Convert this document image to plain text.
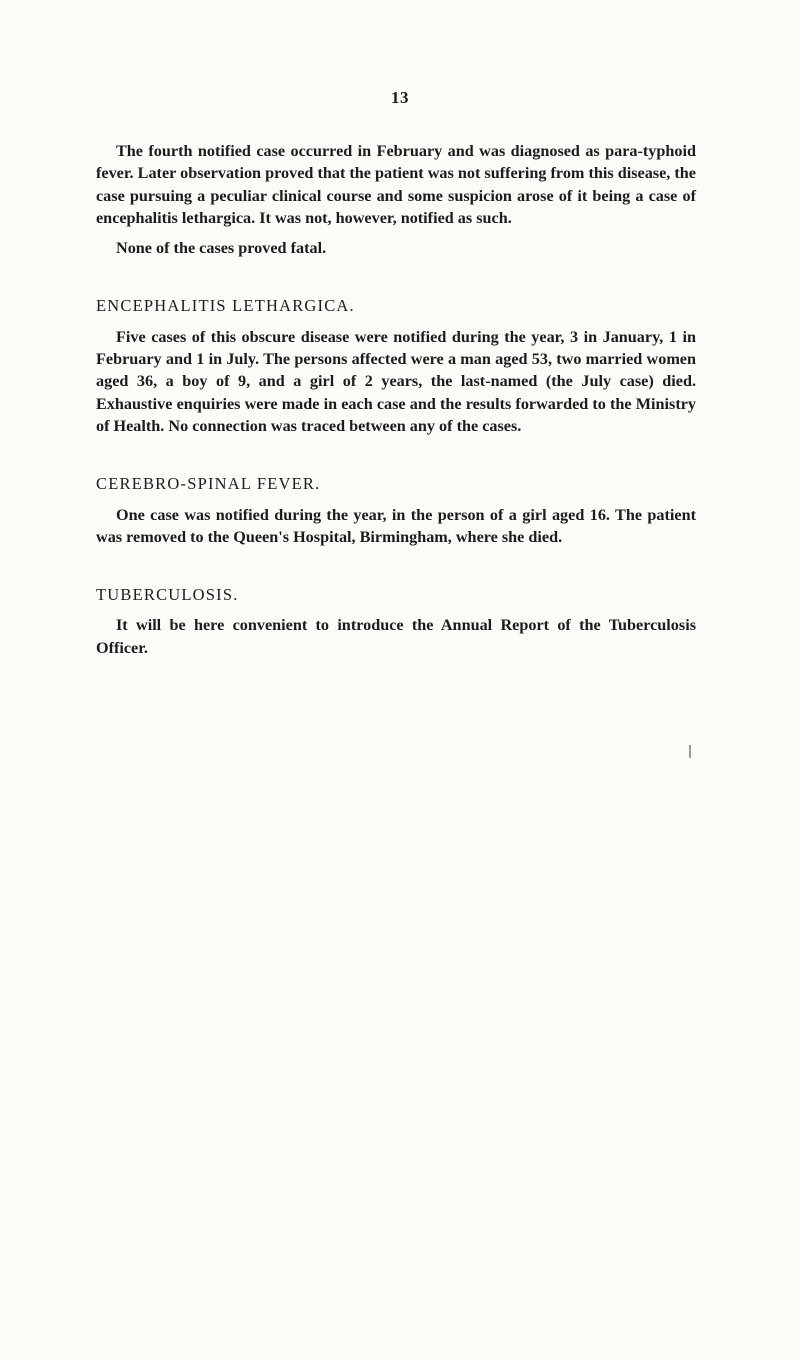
13

The fourth notified case occurred in February and was diagnosed as para-typhoid fever. Later observation proved that the patient was not suffering from this disease, the case pursuing a peculiar clinical course and some suspicion arose of it being a case of encephalitis lethargica. It was not, however, notified as such.

None of the cases proved fatal.

ENCEPHALITIS LETHARGICA.

Five cases of this obscure disease were notified during the year, 3 in January, 1 in February and 1 in July. The persons affected were a man aged 53, two married women aged 36, a boy of 9, and a girl of 2 years, the last-named (the July case) died. Exhaustive enquiries were made in each case and the results forwarded to the Ministry of Health. No connection was traced between any of the cases.

CEREBRO-SPINAL FEVER.

One case was notified during the year, in the person of a girl aged 16. The patient was removed to the Queen's Hospital, Birmingham, where she died.

TUBERCULOSIS.

It will be here convenient to introduce the Annual Report of the Tuberculosis Officer.
